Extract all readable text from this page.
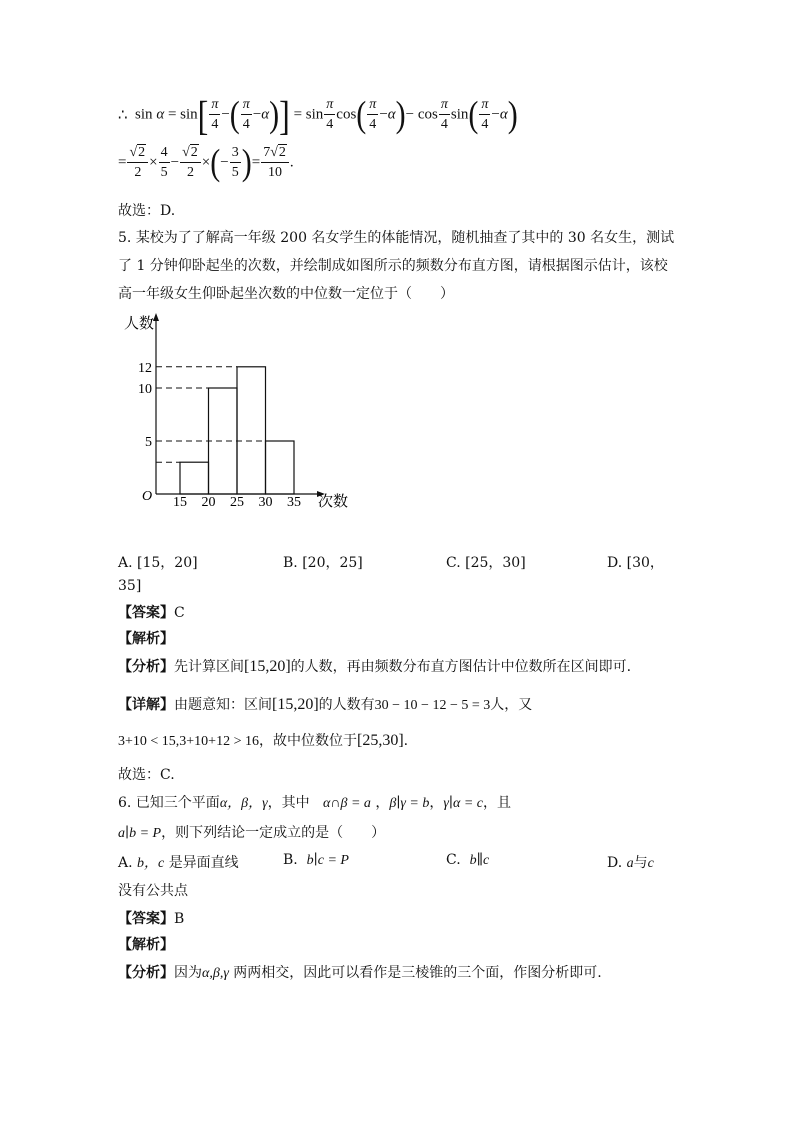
∴  $\sin \alpha = \sin[ \frac{\pi}{4}$ −( $\frac{\pi}{4} -\alpha)] = \sin \frac{\pi}{4} \cos( \frac{\pi}{4} -\alpha)- \cos \frac{\pi}{4} \sin( \frac{\pi}{4} -\alpha)$
= $\frac{√2}{2} \times \frac{4}{5} - \frac{√2}{2}$ ×(− $\frac{3}{5}$ )= $\frac{7√2}{10}$ .
故选：D.
5. 某校为了了解高一年级 200 名女学生的体能情况，随机抽查了其中的 30 名女生，测试
了 1 分钟仰卧起坐的次数，并绘制成如图所示的频数分布直方图，请根据图示估计，该校
高一年级女生仰卧起坐次数的中位数一定位于（　　）
人数
次数
O
5
10
12
15 20 25 30 35
A. [15，20]	B. [20，25]	C. [25，30]	D. [30，
35]
【答案】C
【解析】
【分析】先计算区间[15,20]的人数，再由频数分布直方图估计中位数所在区间即可.
【详解】由题意知：区间[15,20]的人数有30 − 10 − 12 − 5 = 3人，又
3+10 < 15,3+10+12 > 16，故中位数位于[25,30].
故选：C.
6. 已知三个平面α，β，γ，其中 α∩β = a ，β∣γ = b，γ∣α = c，且
a∣b = P，则下列结论一定成立的是（　　）
A. b，c 是异面直线	B. b∣c = P	C. b∥c	D. a与c
没有公共点
【答案】B
【解析】
【分析】因为α,β,γ 两两相交，因此可以看作是三棱锥的三个面，作图分析即可.
